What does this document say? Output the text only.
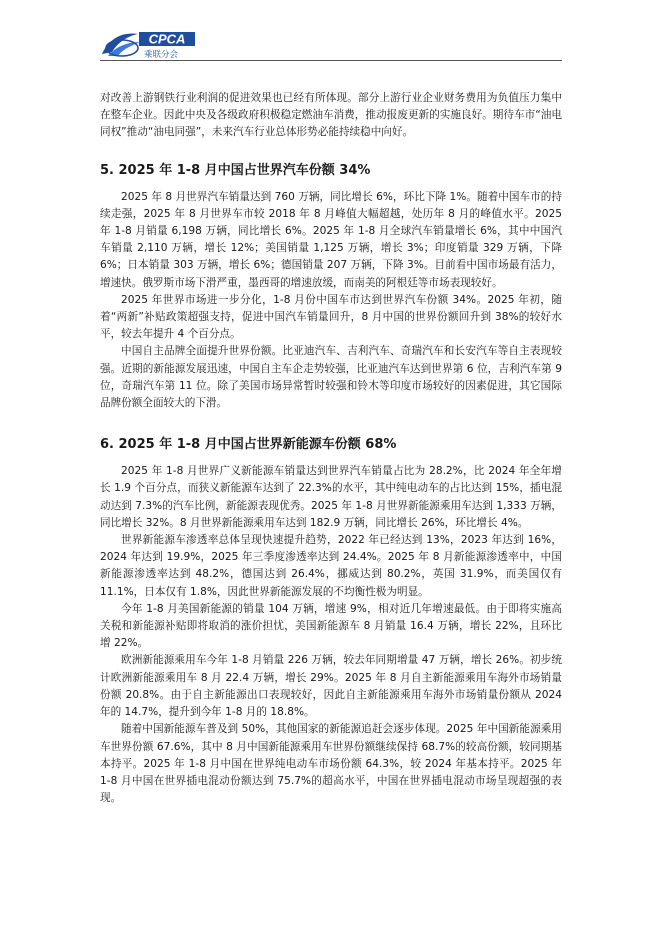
CPCA
乘联分会

对改善上游钢铁行业利润的促进效果也已经有所体现。部分上游行业企业财务费用为负值压力集中在整车企业。因此中央及各级政府积极稳定燃油车消费，推动报废更新的实施良好。期待车市“油电同权”推动“油电同强”，未来汽车行业总体形势必能持续稳中向好。

5. 2025 年 1-8 月中国占世界汽车份额 34%

2025 年 8 月世界汽车销量达到 760 万辆，同比增长 6%，环比下降 1%。随着中国车市的持续走强，2025 年 8 月世界车市较 2018 年 8 月峰值大幅超越，处历年 8 月的峰值水平。2025 年 1-8 月销量 6,198 万辆，同比增长 6%。2025 年 1-8 月全球汽车销量增长 6%，其中中国汽车销量 2,110 万辆，增长 12%；美国销量 1,125 万辆，增长 3%；印度销量 329 万辆，下降 6%；日本销量 303 万辆，增长 6%；德国销量 207 万辆，下降 3%。目前看中国市场最有活力，增速快。俄罗斯市场下滑严重，墨西哥的增速放缓，而南美的阿根廷等市场表现较好。

2025 年世界市场进一步分化，1-8 月份中国车市达到世界汽车份额 34%。2025 年初，随着“两新”补贴政策超强支持，促进中国汽车销量回升，8 月中国的世界份额回升到 38%的较好水平，较去年提升 4 个百分点。

中国自主品牌全面提升世界份额。比亚迪汽车、吉利汽车、奇瑞汽车和长安汽车等自主表现较强。近期的新能源发展迅速，中国自主车企走势较强，比亚迪汽车达到世界第 6 位，吉利汽车第 9 位，奇瑞汽车第 11 位。除了美国市场异常暂时较强和铃木等印度市场较好的因素促进，其它国际品牌份额全面较大的下滑。

6. 2025 年 1-8 月中国占世界新能源车份额 68%

2025 年 1-8 月世界广义新能源车销量达到世界汽车销量占比为 28.2%，比 2024 年全年增长 1.9 个百分点，而狭义新能源车达到了 22.3%的水平，其中纯电动车的占比达到 15%，插电混动达到 7.3%的汽车比例，新能源表现优秀。2025 年 1-8 月世界新能源乘用车达到 1,333 万辆，同比增长 32%。8 月世界新能源乘用车达到 182.9 万辆，同比增长 26%，环比增长 4%。

世界新能源车渗透率总体呈现快速提升趋势，2022 年已经达到 13%，2023 年达到 16%，2024 年达到 19.9%，2025 年三季度渗透率达到 24.4%。2025 年 8 月新能源渗透率中，中国新能源渗透率达到 48.2%，德国达到 26.4%，挪威达到 80.2%，英国 31.9%，而美国仅有 11.1%，日本仅有 1.8%，因此世界新能源发展的不均衡性极为明显。

今年 1-8 月美国新能源的销量 104 万辆，增速 9%，相对近几年增速最低。由于即将实施高关税和新能源补贴即将取消的涨价担忧，美国新能源车 8 月销量 16.4 万辆，增长 22%，且环比增 22%。

欧洲新能源乘用车今年 1-8 月销量 226 万辆，较去年同期增量 47 万辆，增长 26%。初步统计欧洲新能源乘用车 8 月 22.4 万辆，增长 29%。2025 年 8 月自主新能源乘用车海外市场销量份额 20.8%。由于自主新能源出口表现较好，因此自主新能源乘用车海外市场销量份额从 2024 年的 14.7%，提升到今年 1-8 月的 18.8%。

随着中国新能源车普及到 50%，其他国家的新能源追赶会逐步体现。2025 年中国新能源乘用车世界份额 67.6%，其中 8 月中国新能源乘用车世界份额继续保持 68.7%的较高份额，较同期基本持平。2025 年 1-8 月中国在世界纯电动车市场份额 64.3%，较 2024 年基本持平。2025 年 1-8 月中国在世界插电混动份额达到 75.7%的超高水平，中国在世界插电混动市场呈现超强的表现。
